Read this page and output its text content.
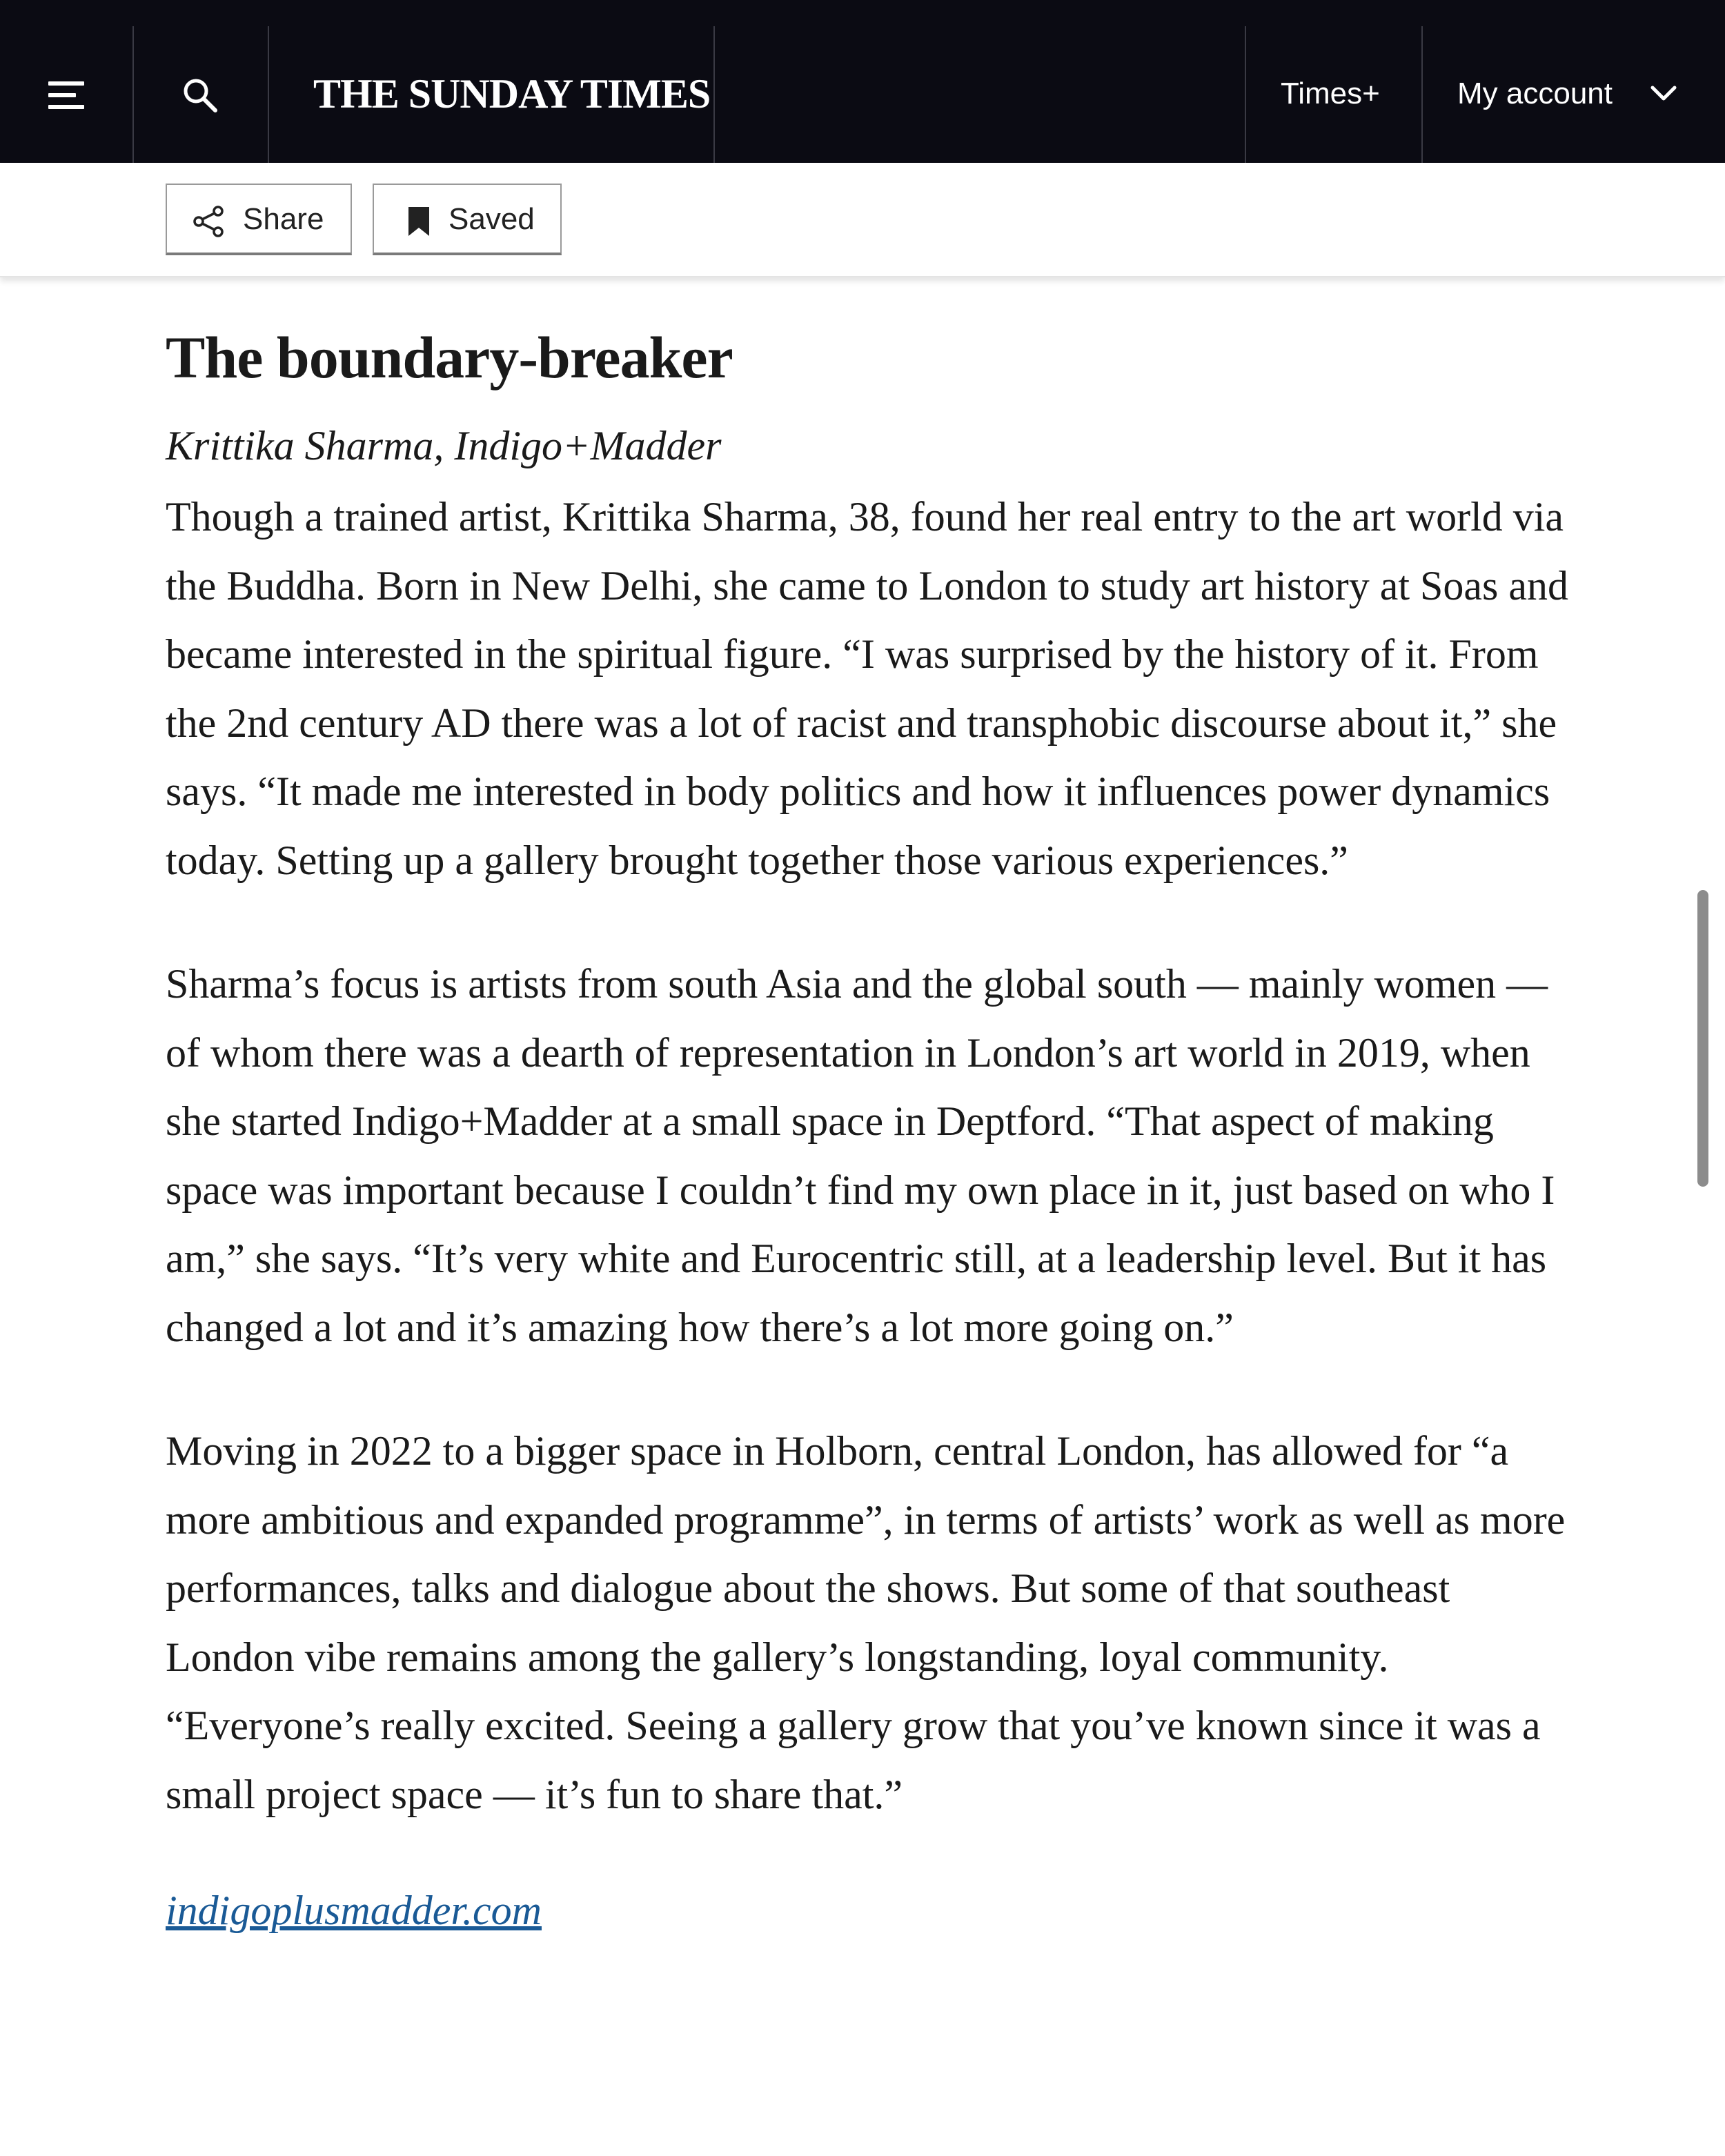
THE SUNDAY TIMES	Times+	My account
Share	Saved
The boundary-breaker

Krittika Sharma, Indigo+Madder

Though a trained artist, Krittika Sharma, 38, found her real entry to the art world via the Buddha. Born in New Delhi, she came to London to study art history at Soas and became interested in the spiritual figure. “I was surprised by the history of it. From the 2nd century AD there was a lot of racist and transphobic discourse about it,” she says. “It made me interested in body politics and how it influences power dynamics today. Setting up a gallery brought together those various experiences.”

Sharma’s focus is artists from south Asia and the global south — mainly women — of whom there was a dearth of representation in London’s art world in 2019, when she started Indigo+Madder at a small space in Deptford. “That aspect of making space was important because I couldn’t find my own place in it, just based on who I am,” she says. “It’s very white and Eurocentric still, at a leadership level. But it has changed a lot and it’s amazing how there’s a lot more going on.”

Moving in 2022 to a bigger space in Holborn, central London, has allowed for “a more ambitious and expanded programme”, in terms of artists’ work as well as more performances, talks and dialogue about the shows. But some of that southeast London vibe remains among the gallery’s longstanding, loyal community. “Everyone’s really excited. Seeing a gallery grow that you’ve known since it was a small project space — it’s fun to share that.”

indigoplusmadder.com
